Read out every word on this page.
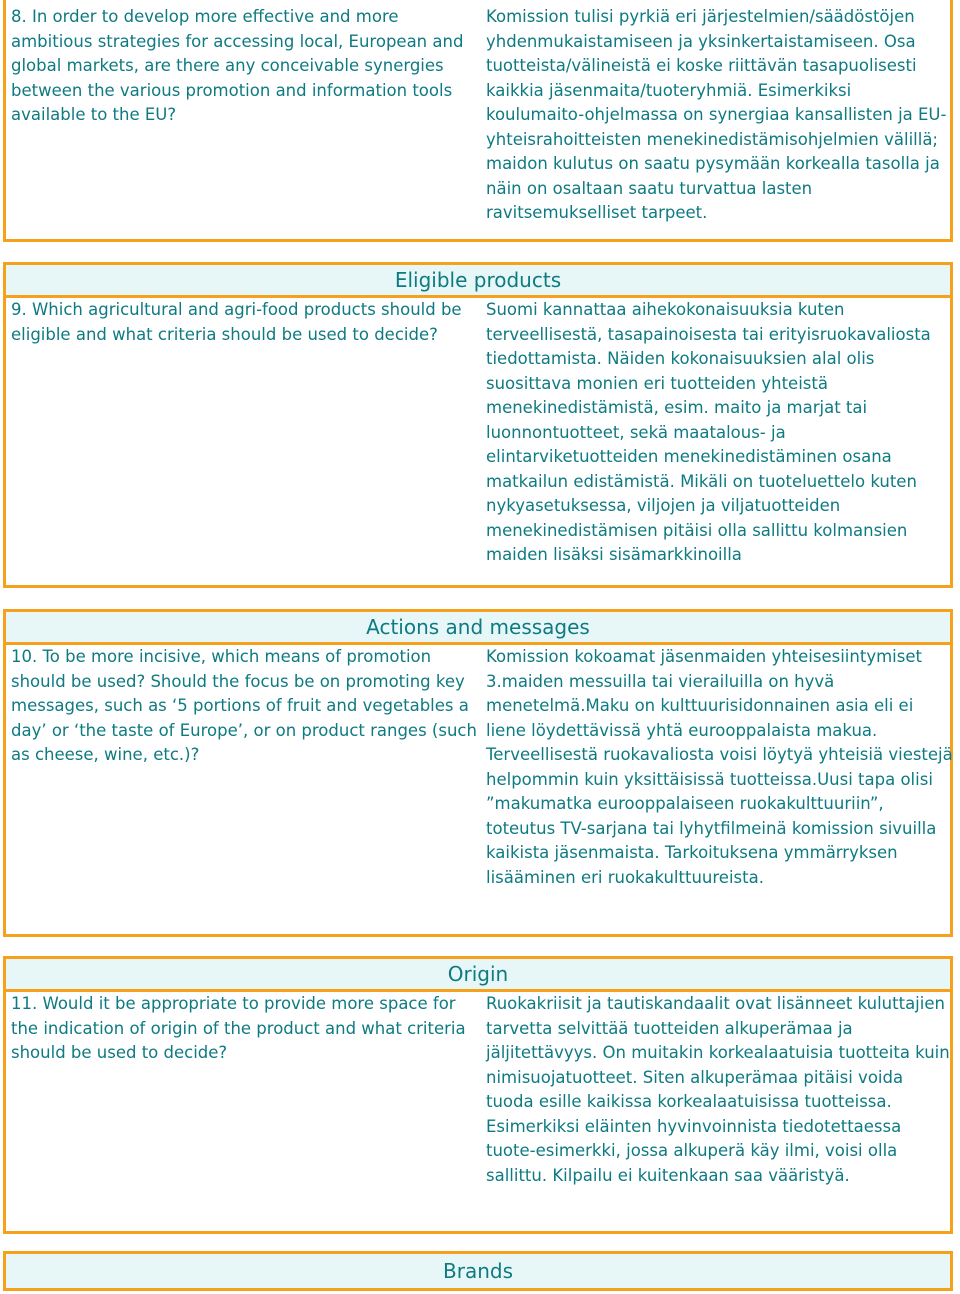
8. In order to develop more effective and more ambitious strategies for accessing local, European and global markets, are there any conceivable synergies between the various promotion and information tools available to the EU?

Komission tulisi pyrkiä eri järjestelmien/säädöstöjen yhdenmukaistamiseen ja yksinkertaistamiseen. Osa tuotteista/välineistä ei koske riittävän tasapuolisesti kaikkia jäsenmaita/tuoteryhmiä. Esimerkiksi koulumaito-ohjelmassa on synergiaa kansallisten ja EU-yhteisrahoitteisten menekinedistämisohjelmien välillä; maidon kulutus on saatu pysymään korkealla tasolla ja näin on osaltaan saatu turvattua lasten ravitsemukselliset tarpeet.

Eligible products

9. Which agricultural and agri-food products should be eligible and what criteria should be used to decide?

Suomi kannattaa aihekokonaisuuksia kuten terveellisestä, tasapainoisesta tai erityisruokavaliosta tiedottamista. Näiden kokonaisuuksien alal olis suosittava monien eri tuotteiden yhteistä menekinedistämistä, esim. maito ja marjat tai luonnontuotteet, sekä maatalous- ja elintarviketuotteiden menekinedistäminen osana matkailun edistämistä. Mikäli on tuoteluettelo kuten nykyasetuksessa, viljojen ja viljatuotteiden menekinedistämisen pitäisi olla sallittu kolmansien maiden lisäksi sisämarkkinoilla

Actions and messages

10. To be more incisive, which means of promotion should be used? Should the focus be on promoting key messages, such as ‘5 portions of fruit and vegetables a day’ or ‘the taste of Europe’, or on product ranges (such as cheese, wine, etc.)?

Komission kokoamat jäsenmaiden yhteisesiintymiset 3.maiden messuilla tai vierailuilla on hyvä menetelmä.Maku on kulttuurisidonnainen asia eli ei liene löydettävissä yhtä eurooppalaista makua. Terveellisestä ruokavaliosta voisi löytyä yhteisiä viestejä helpommin kuin yksittäisissä tuotteissa.Uusi tapa olisi ”makumatka eurooppalaiseen ruokakulttuuriin”, toteutus TV-sarjana tai lyhytfilmeinä komission sivuilla kaikista jäsenmaista. Tarkoituksena ymmärryksen lisääminen eri ruokakulttuureista.

Origin

11. Would it be appropriate to provide more space for the indication of origin of the product and what criteria should be used to decide?

Ruokakriisit ja tautiskandaalit ovat lisänneet kuluttajien tarvetta selvittää tuotteiden alkuperämaa ja jäljitettävyys. On muitakin korkealaatuisia tuotteita kuin nimisuojatuotteet. Siten alkuperämaa pitäisi voida tuoda esille kaikissa korkealaatuisissa tuotteissa. Esimerkiksi eläinten hyvinvoinnista tiedotettaessa tuote-esimerkki, jossa alkuperä käy ilmi, voisi olla sallittu. Kilpailu ei kuitenkaan saa vääristyä.

Brands
